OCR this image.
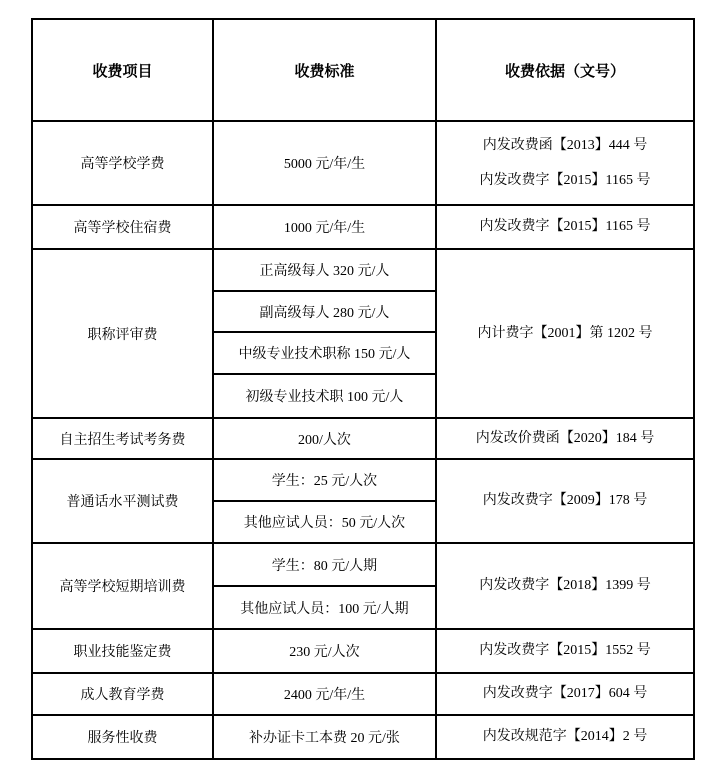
收费项目	收费标准	收费依据（文号）
高等学校学费	5000 元/年/生	内发改费函【2013】444 号
内发改费字【2015】1165 号

高等学校住宿费	1000 元/年/生	内发改费字【2015】1165 号

职称评审费	正高级每人 320 元/人	内计费字【2001】第 1202 号

	副高级每人 280 元/人	
	中级专业技术职称 150 元/人	
	初级专业技术职 100 元/人	
自主招生考试考务费	200/人次	内发改价费函【2020】184 号

普通话水平测试费	学生：25 元/人次	内发改费字【2009】178 号

	其他应试人员：50 元/人次	
高等学校短期培训费	学生：80 元/人期	内发改费字【2018】1399 号

	其他应试人员：100 元/人期	
职业技能鉴定费	230 元/人次	内发改费字【2015】1552 号

成人教育学费	2400 元/年/生	内发改费字【2017】604 号

服务性收费	补办证卡工本费 20 元/张	内发改规范字【2014】2 号
